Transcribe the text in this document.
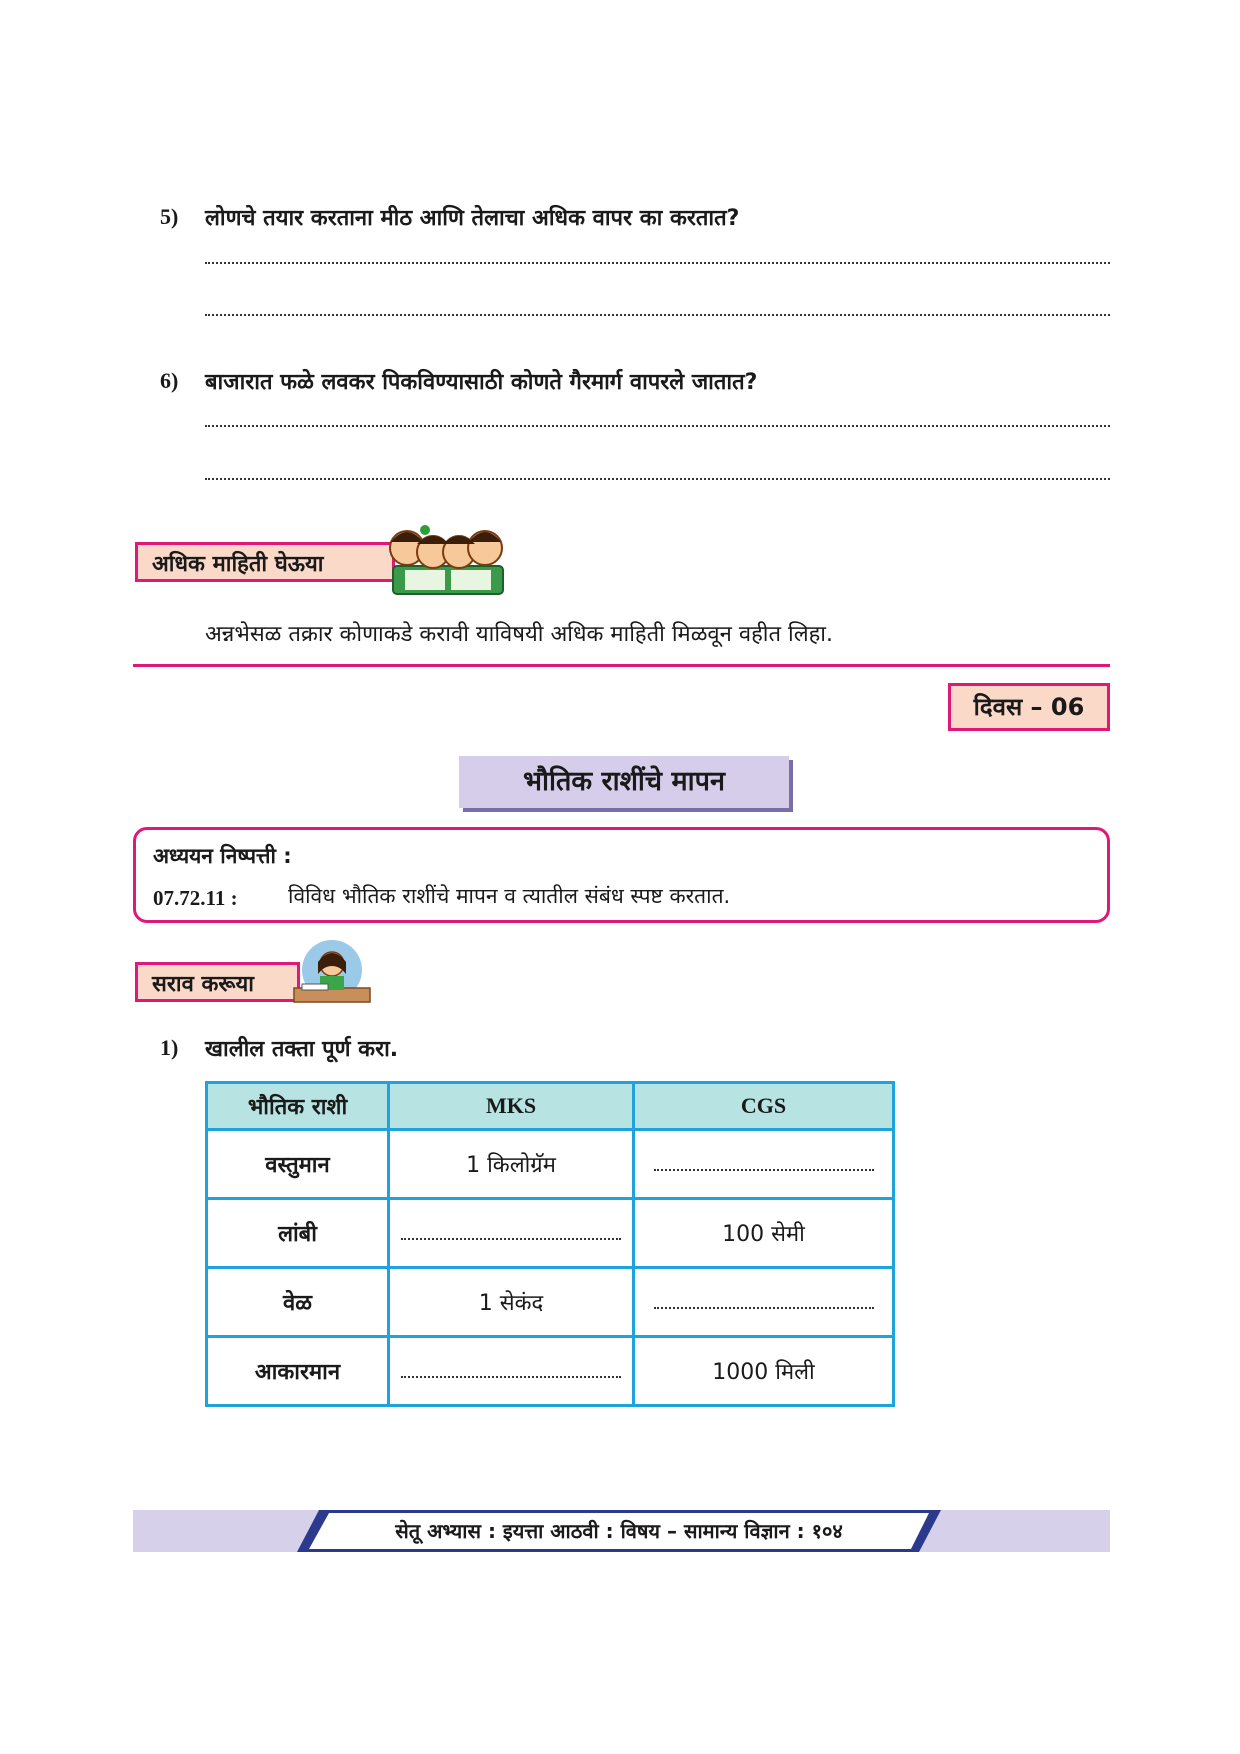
5) लोणचे तयार करताना मीठ आणि तेलाचा अधिक वापर का करतात?
6) बाजारात फळे लवकर पिकविण्यासाठी कोणते गैरमार्ग वापरले जातात?
अधिक माहिती घेऊया
अन्नभेसळ तक्रार कोणाकडे करावी याविषयी अधिक माहिती मिळवून वहीत लिहा.
दिवस – 06
भौतिक राशींचे मापन
अध्ययन निष्पत्ती :
07.72.11 : विविध भौतिक राशींचे मापन व त्यातील संबंध स्पष्ट करतात.
सराव करूया
1) खालील तक्ता पूर्ण करा.
भौतिक राशी	MKS	CGS
वस्तुमान	1 किलोग्रॅम	
लांबी		100 सेमी
वेळ	1 सेकंद	
आकारमान		1000 मिली
सेतू अभ्यास : इयत्ता आठवी : विषय – सामान्य विज्ञान : १०४
